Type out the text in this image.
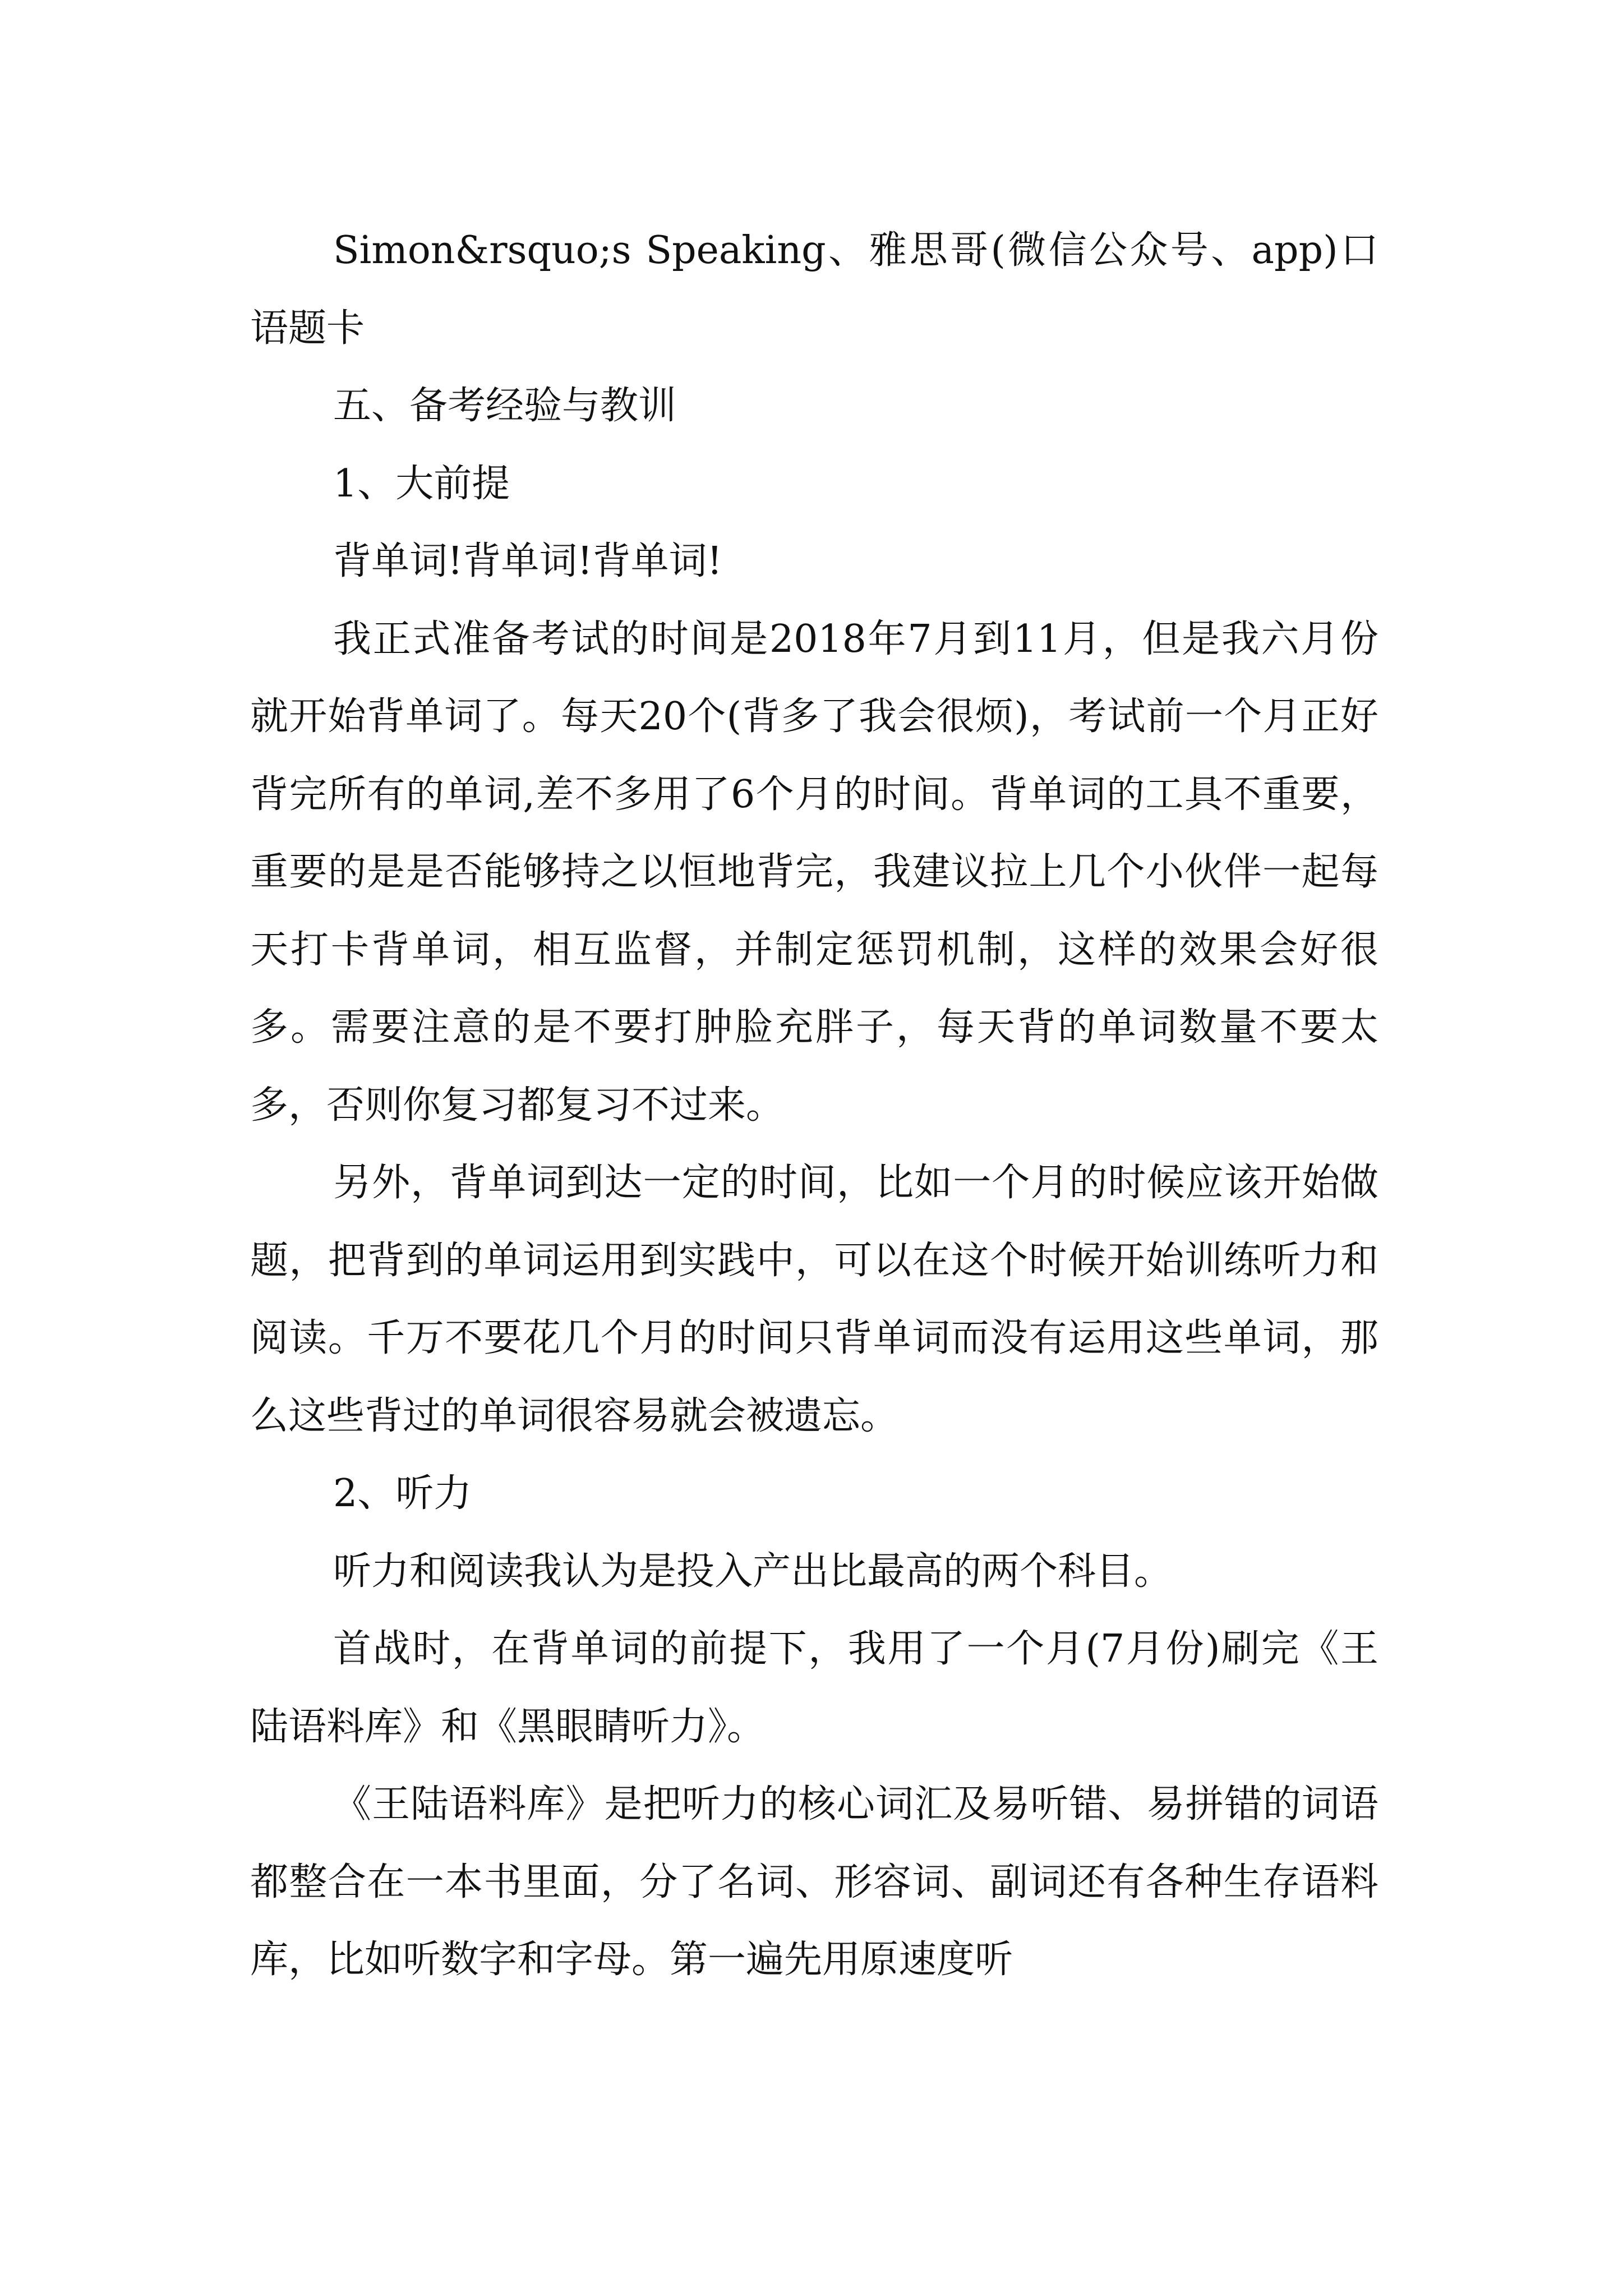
Simon&rsquo;s Speaking、雅思哥(微信公众号、app)口语题卡

五、备考经验与教训

1、大前提

背单词!背单词!背单词!

我正式准备考试的时间是2018年7月到11月，但是我六月份就开始背单词了。每天20个(背多了我会很烦)，考试前一个月正好背完所有的单词,差不多用了6个月的时间。背单词的工具不重要，重要的是是否能够持之以恒地背完，我建议拉上几个小伙伴一起每天打卡背单词，相互监督，并制定惩罚机制，这样的效果会好很多。需要注意的是不要打肿脸充胖子，每天背的单词数量不要太多，否则你复习都复习不过来。

另外，背单词到达一定的时间，比如一个月的时候应该开始做题，把背到的单词运用到实践中，可以在这个时候开始训练听力和阅读。千万不要花几个月的时间只背单词而没有运用这些单词，那么这些背过的单词很容易就会被遗忘。

2、听力

听力和阅读我认为是投入产出比最高的两个科目。

首战时，在背单词的前提下，我用了一个月(7月份)刷完《王陆语料库》和《黑眼睛听力》。

《王陆语料库》是把听力的核心词汇及易听错、易拼错的词语都整合在一本书里面，分了名词、形容词、副词还有各种生存语料库，比如听数字和字母。第一遍先用原速度听
